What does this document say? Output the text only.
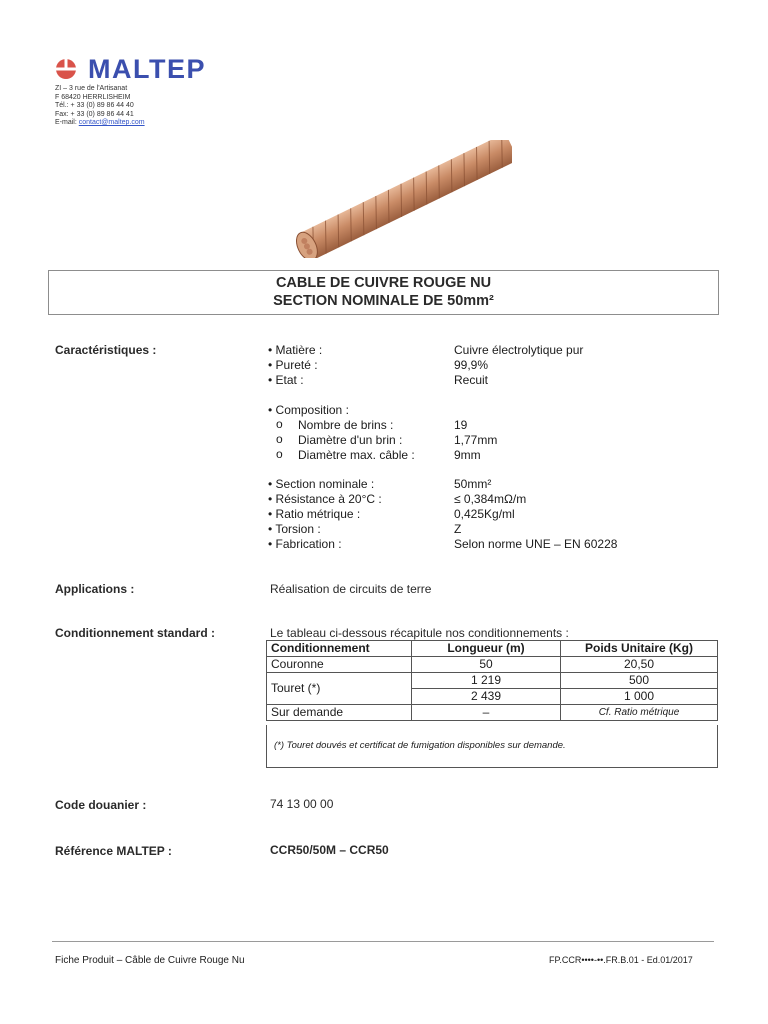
MALTEP
ZI – 3 rue de l'Artisanat
F 68420 HERRLISHEIM
Tél.: + 33 (0) 89 86 44 40
Fax: + 33 (0) 89 86 44 41
E-mail: contact@maltep.com
CABLE DE CUIVRE ROUGE NU
SECTION NOMINALE DE 50mm²
Caractéristiques :	• Matière :	Cuivre électrolytique pur
• Pureté :	99,9%
• Etat :	Recuit
• Composition :
o Nombre de brins :	19
o Diamètre d'un brin :	1,77mm
o Diamètre max. câble :	9mm
• Section nominale :	50mm²
• Résistance à 20°C :	≤ 0,384mΩ/m
• Ratio métrique :	0,425Kg/ml
• Torsion :	Z
• Fabrication :	Selon norme UNE – EN 60228
Applications :	Réalisation de circuits de terre
Conditionnement standard :	Le tableau ci-dessous récapitule nos conditionnements :
Conditionnement	Longueur (m)	Poids Unitaire (Kg)
Couronne	50	20,50
Touret (*)	1 219	500
	2 439	1 000
Sur demande	–	Cf. Ratio métrique
(*) Touret douvés et certificat de fumigation disponibles sur demande.
Code douanier :	74 13 00 00
Référence MALTEP :	CCR50/50M – CCR50
Fiche Produit – Câble de Cuivre Rouge Nu	FP.CCR••••-••.FR.B.01 - Ed.01/2017
